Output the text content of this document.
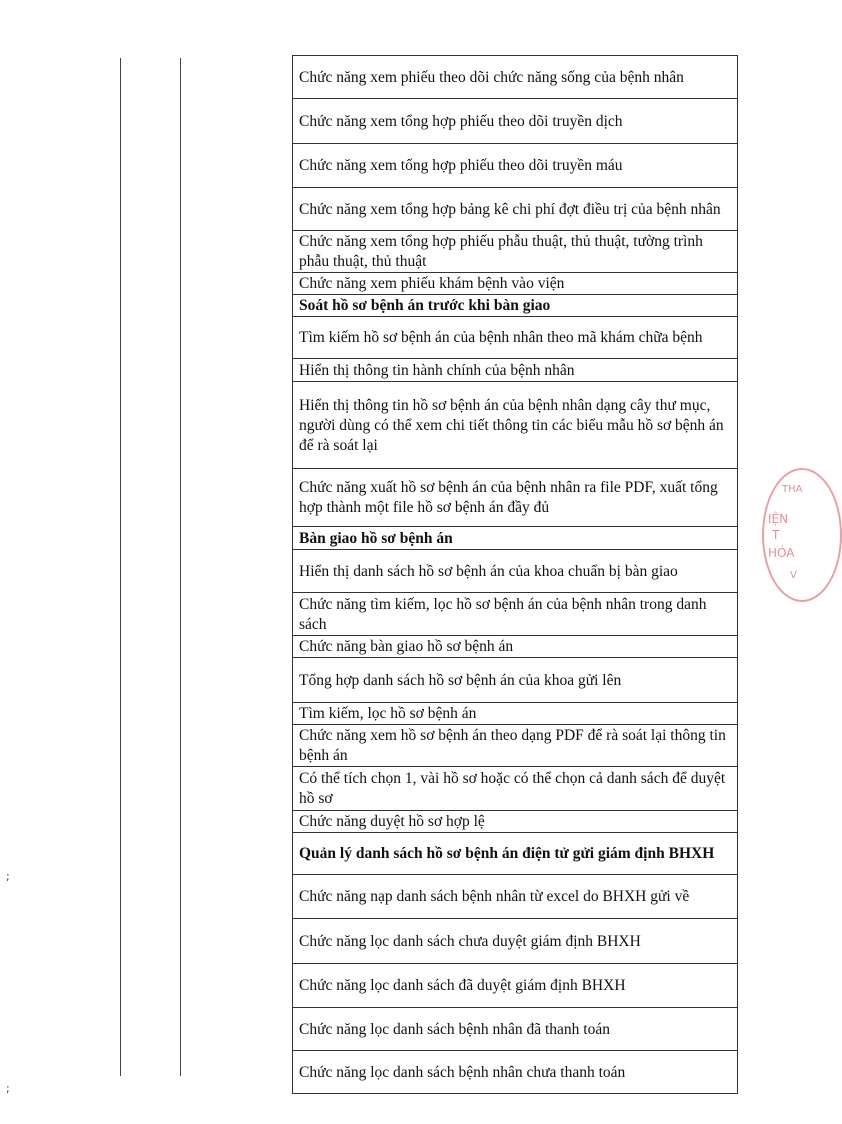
Chức năng xem phiếu theo dõi chức năng sống của bệnh nhân
Chức năng xem tổng hợp phiếu theo dõi truyền dịch
Chức năng xem tổng hợp phiếu theo dõi truyền máu
Chức năng xem tổng hợp bảng kê chi phí đợt điều trị của bệnh nhân
Chức năng xem tổng hợp phiếu phẫu thuật, thủ thuật, tường trình phẫu thuật, thủ thuật
Chức năng xem phiếu khám bệnh vào viện
Soát hồ sơ bệnh án trước khi bàn giao
Tìm kiếm hồ sơ bệnh án của bệnh nhân theo mã khám chữa bệnh
Hiển thị thông tin hành chính của bệnh nhân
Hiển thị thông tin hồ sơ bệnh án của bệnh nhân dạng cây thư mục, người dùng có thể xem chi tiết thông tin các biểu mẫu hồ sơ bệnh án để rà soát lại
Chức năng xuất hồ sơ bệnh án của bệnh nhân ra file PDF, xuất tổng hợp thành một file hồ sơ bệnh án đầy đủ
Bàn giao hồ sơ bệnh án
Hiển thị danh sách hồ sơ bệnh án của khoa chuẩn bị bàn giao
Chức năng tìm kiếm, lọc hồ sơ bệnh án của bệnh nhân trong danh sách
Chức năng bàn giao hồ sơ bệnh án
Tổng hợp danh sách hồ sơ bệnh án của khoa gửi lên
Tìm kiếm, lọc hồ sơ bệnh án
Chức năng xem hồ sơ bệnh án theo dạng PDF để rà soát lại thông tin bệnh án
Có thể tích chọn 1, vài hồ sơ hoặc có thể chọn cả danh sách để duyệt hồ sơ
Chức năng duyệt hồ sơ hợp lệ
Quản lý danh sách hồ sơ bệnh án điện tử gửi giám định BHXH
Chức năng nạp danh sách bệnh nhân từ excel do BHXH gửi về
Chức năng lọc danh sách chưa duyệt giám định BHXH
Chức năng lọc danh sách đã duyệt giám định BHXH
Chức năng lọc danh sách bệnh nhân đã thanh toán
Chức năng lọc danh sách bệnh nhân chưa thanh toán
THA
IỆN
T
HÓA
V
;
;
